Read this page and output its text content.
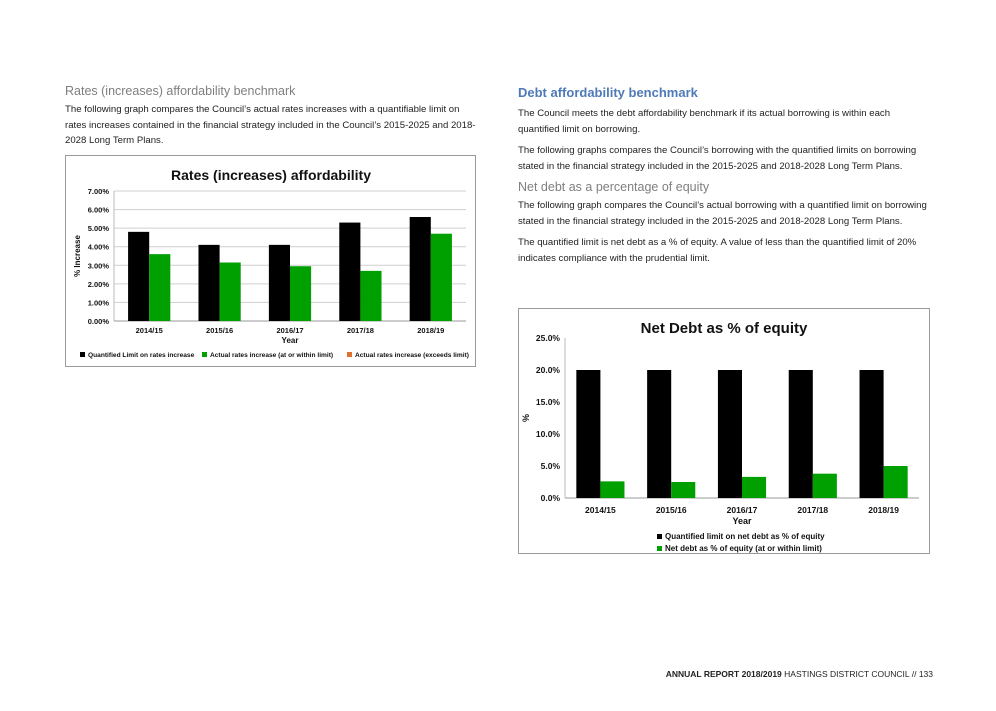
Rates (increases) affordability benchmark

The following graph compares the Council’s actual rates increases with a quantifiable limit on rates increases contained in the financial strategy included in the Council’s 2015-2025 and 2018-2028 Long Term Plans.

Debt affordability benchmark

The Council meets the debt affordability benchmark if its actual borrowing is within each quantified limit on borrowing.

The following graphs compares the Council’s borrowing with the quantified limits on borrowing stated in the financial strategy included in the 2015-2025 and 2018-2028 Long Term Plans.

Net debt as a percentage of equity

The following graph compares the Council’s actual borrowing with a quantified limit on borrowing stated in the financial strategy included in the 2015-2025 and 2018-2028 Long Term Plans.

The quantified limit is net debt as a % of equity. A value of less than the quantified limit of 20% indicates compliance with the prudential limit.

Rates (increases) affordability
0.00%
1.00%
2.00%
3.00%
4.00%
5.00%
6.00%
7.00%
2014/15	2015/16	2016/17	2017/18	2018/19
Year
% Increase
Quantified Limit on rates increase Actual rates increase (at or within limit)	Actual rates increase (exceeds limit)
Net Debt as % of equity
0.0%
5.0%
10.0%
15.0%
20.0%
25.0%
2014/15	2015/16	2016/17	2017/18	2018/19
Year
%
Quantified limit on net debt as % of equity
Net debt as % of equity (at or within limit)
ANNUAL REPORT 2018/2019 HASTINGS DISTRICT COUNCIL // 133
